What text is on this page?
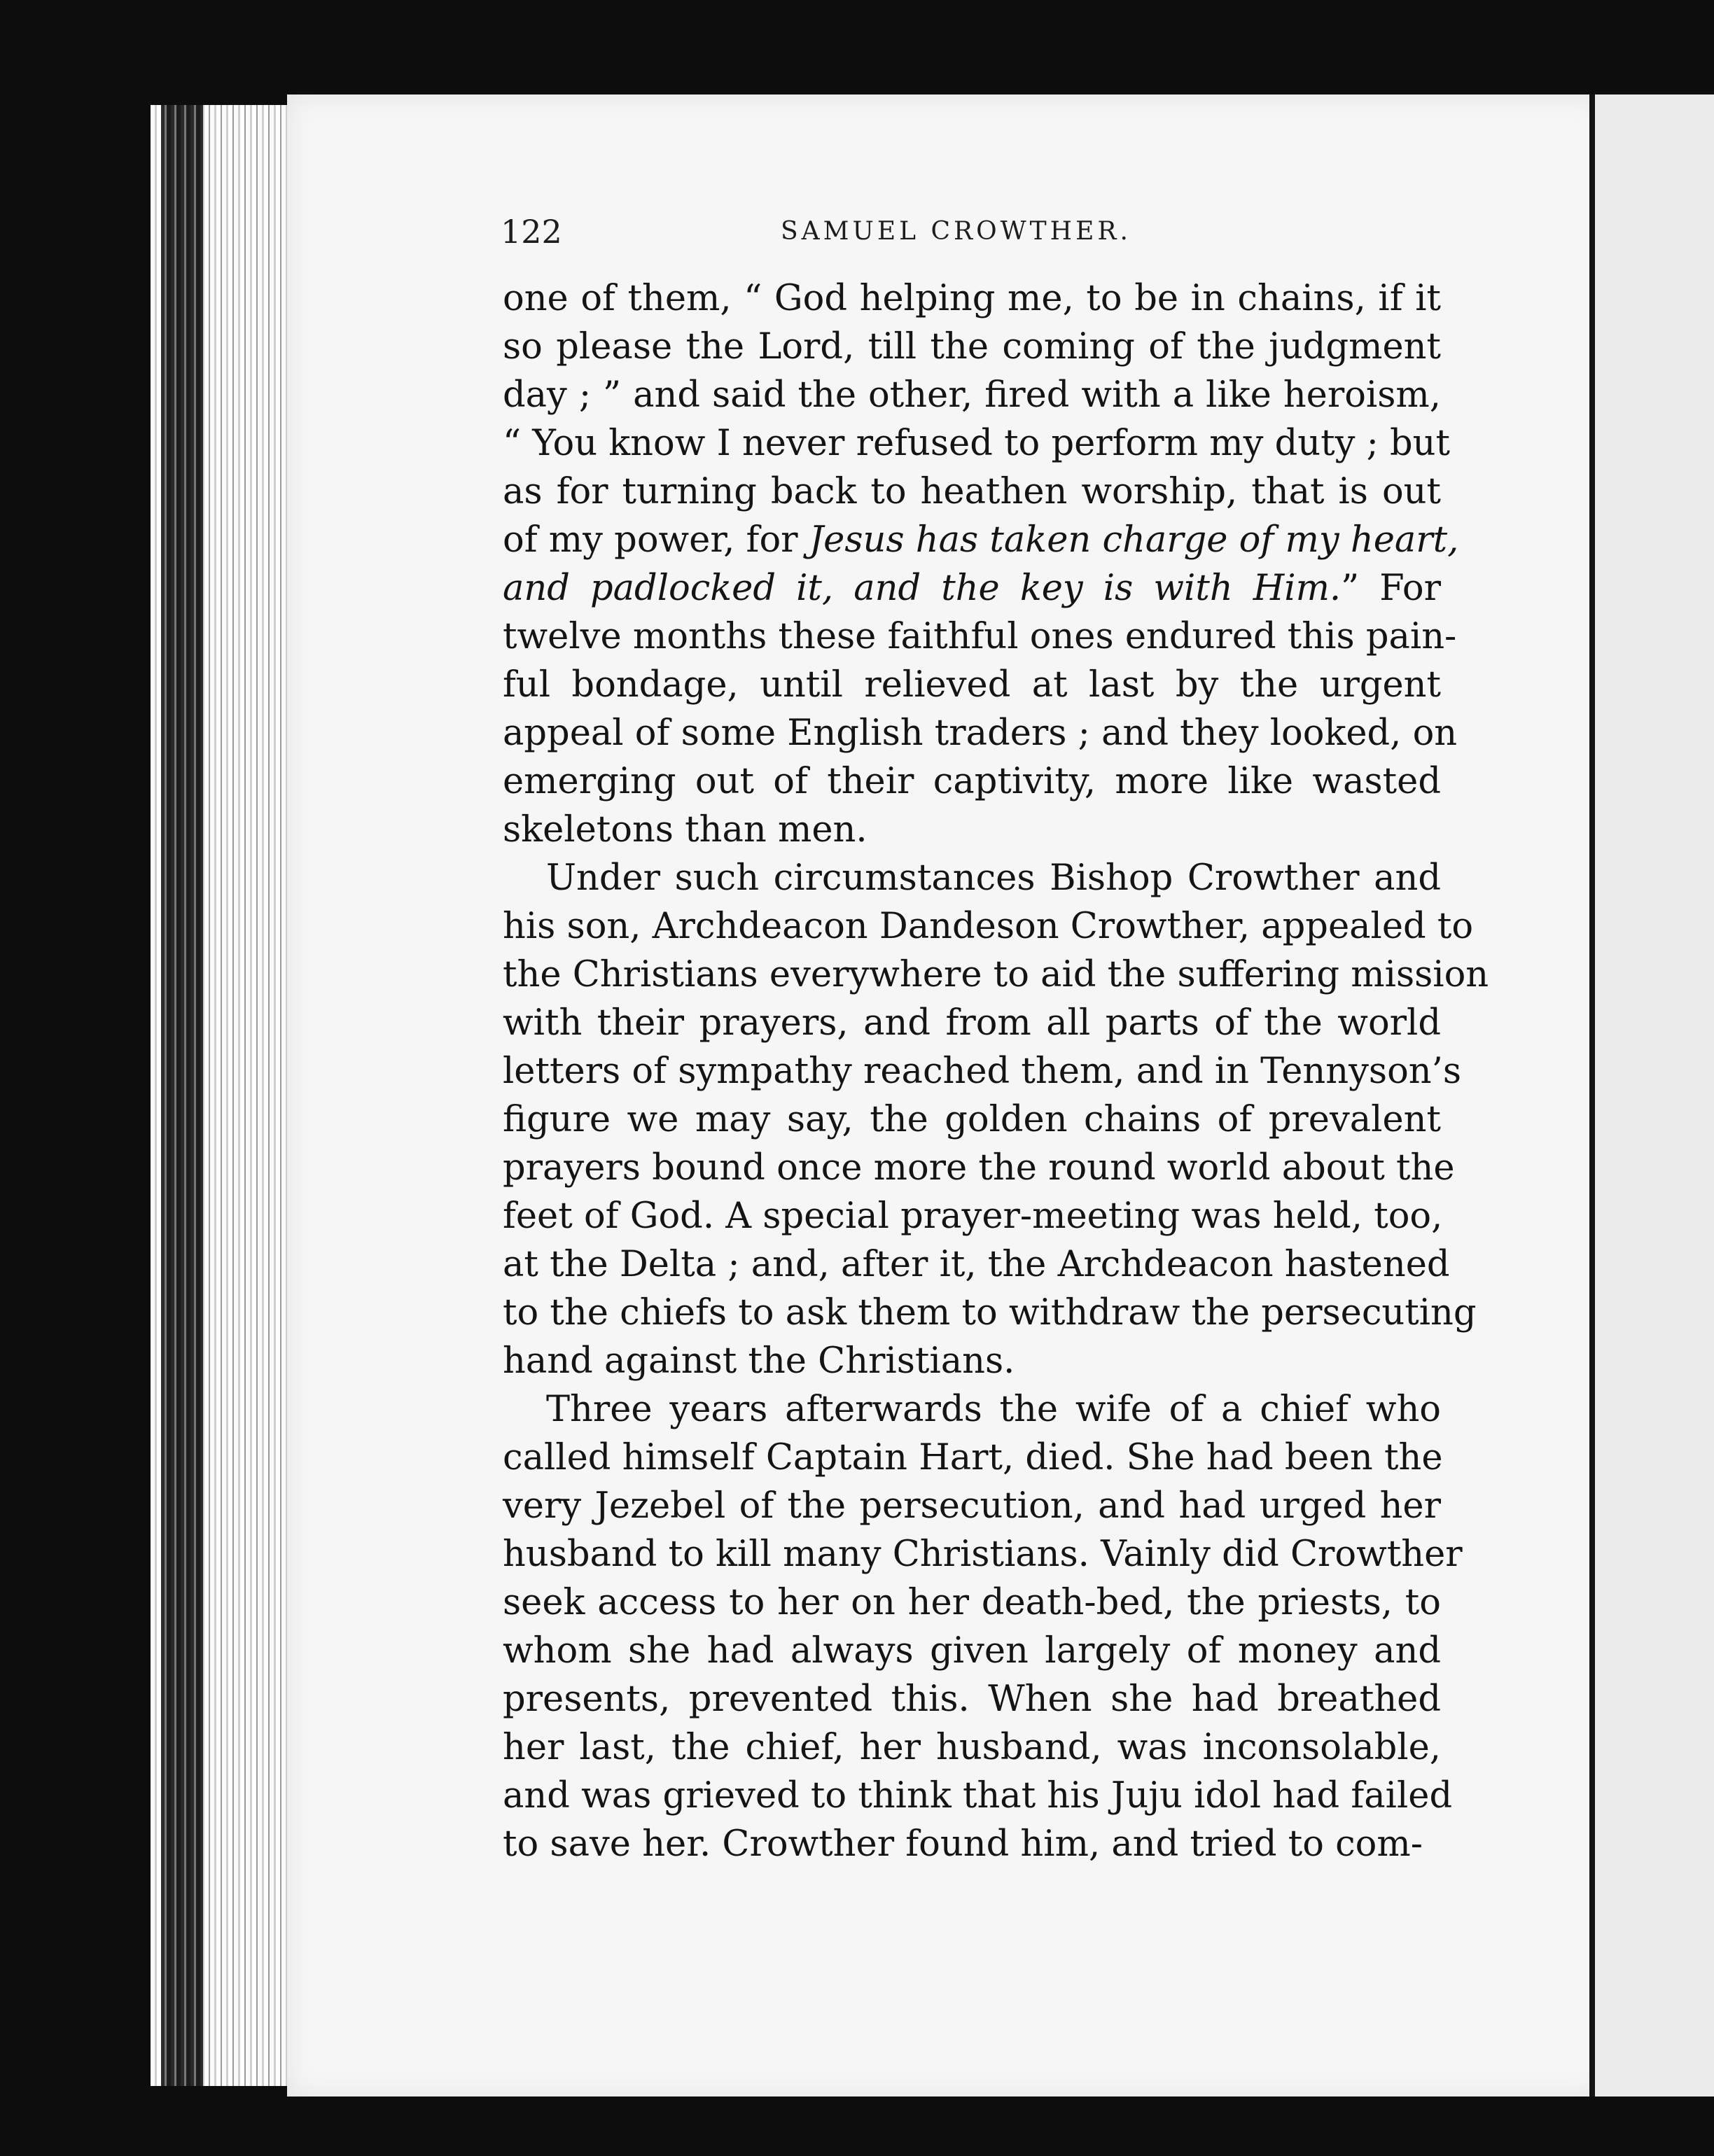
122	SAMUEL CROWTHER.
one of them, “ God helping me, to be in chains, if it
so please the Lord, till the coming of the judgment
day ; ” and said the other, fired with a like heroism,
“ You know I never refused to perform my duty ; but
as for turning back to heathen worship, that is out
of my power, for Jesus has taken charge of my heart,
and padlocked it, and the key is with Him.” For
twelve months these faithful ones endured this pain-
ful bondage, until relieved at last by the urgent
appeal of some English traders ; and they looked, on
emerging out of their captivity, more like wasted
skeletons than men.
Under such circumstances Bishop Crowther and
his son, Archdeacon Dandeson Crowther, appealed to
the Christians everywhere to aid the suffering mission
with their prayers, and from all parts of the world
letters of sympathy reached them, and in Tennyson’s
figure we may say, the golden chains of prevalent
prayers bound once more the round world about the
feet of God. A special prayer-meeting was held, too,
at the Delta ; and, after it, the Archdeacon hastened
to the chiefs to ask them to withdraw the persecuting
hand against the Christians.
Three years afterwards the wife of a chief who
called himself Captain Hart, died. She had been the
very Jezebel of the persecution, and had urged her
husband to kill many Christians. Vainly did Crowther
seek access to her on her death-bed, the priests, to
whom she had always given largely of money and
presents, prevented this. When she had breathed
her last, the chief, her husband, was inconsolable,
and was grieved to think that his Juju idol had failed
to save her. Crowther found him, and tried to com-
